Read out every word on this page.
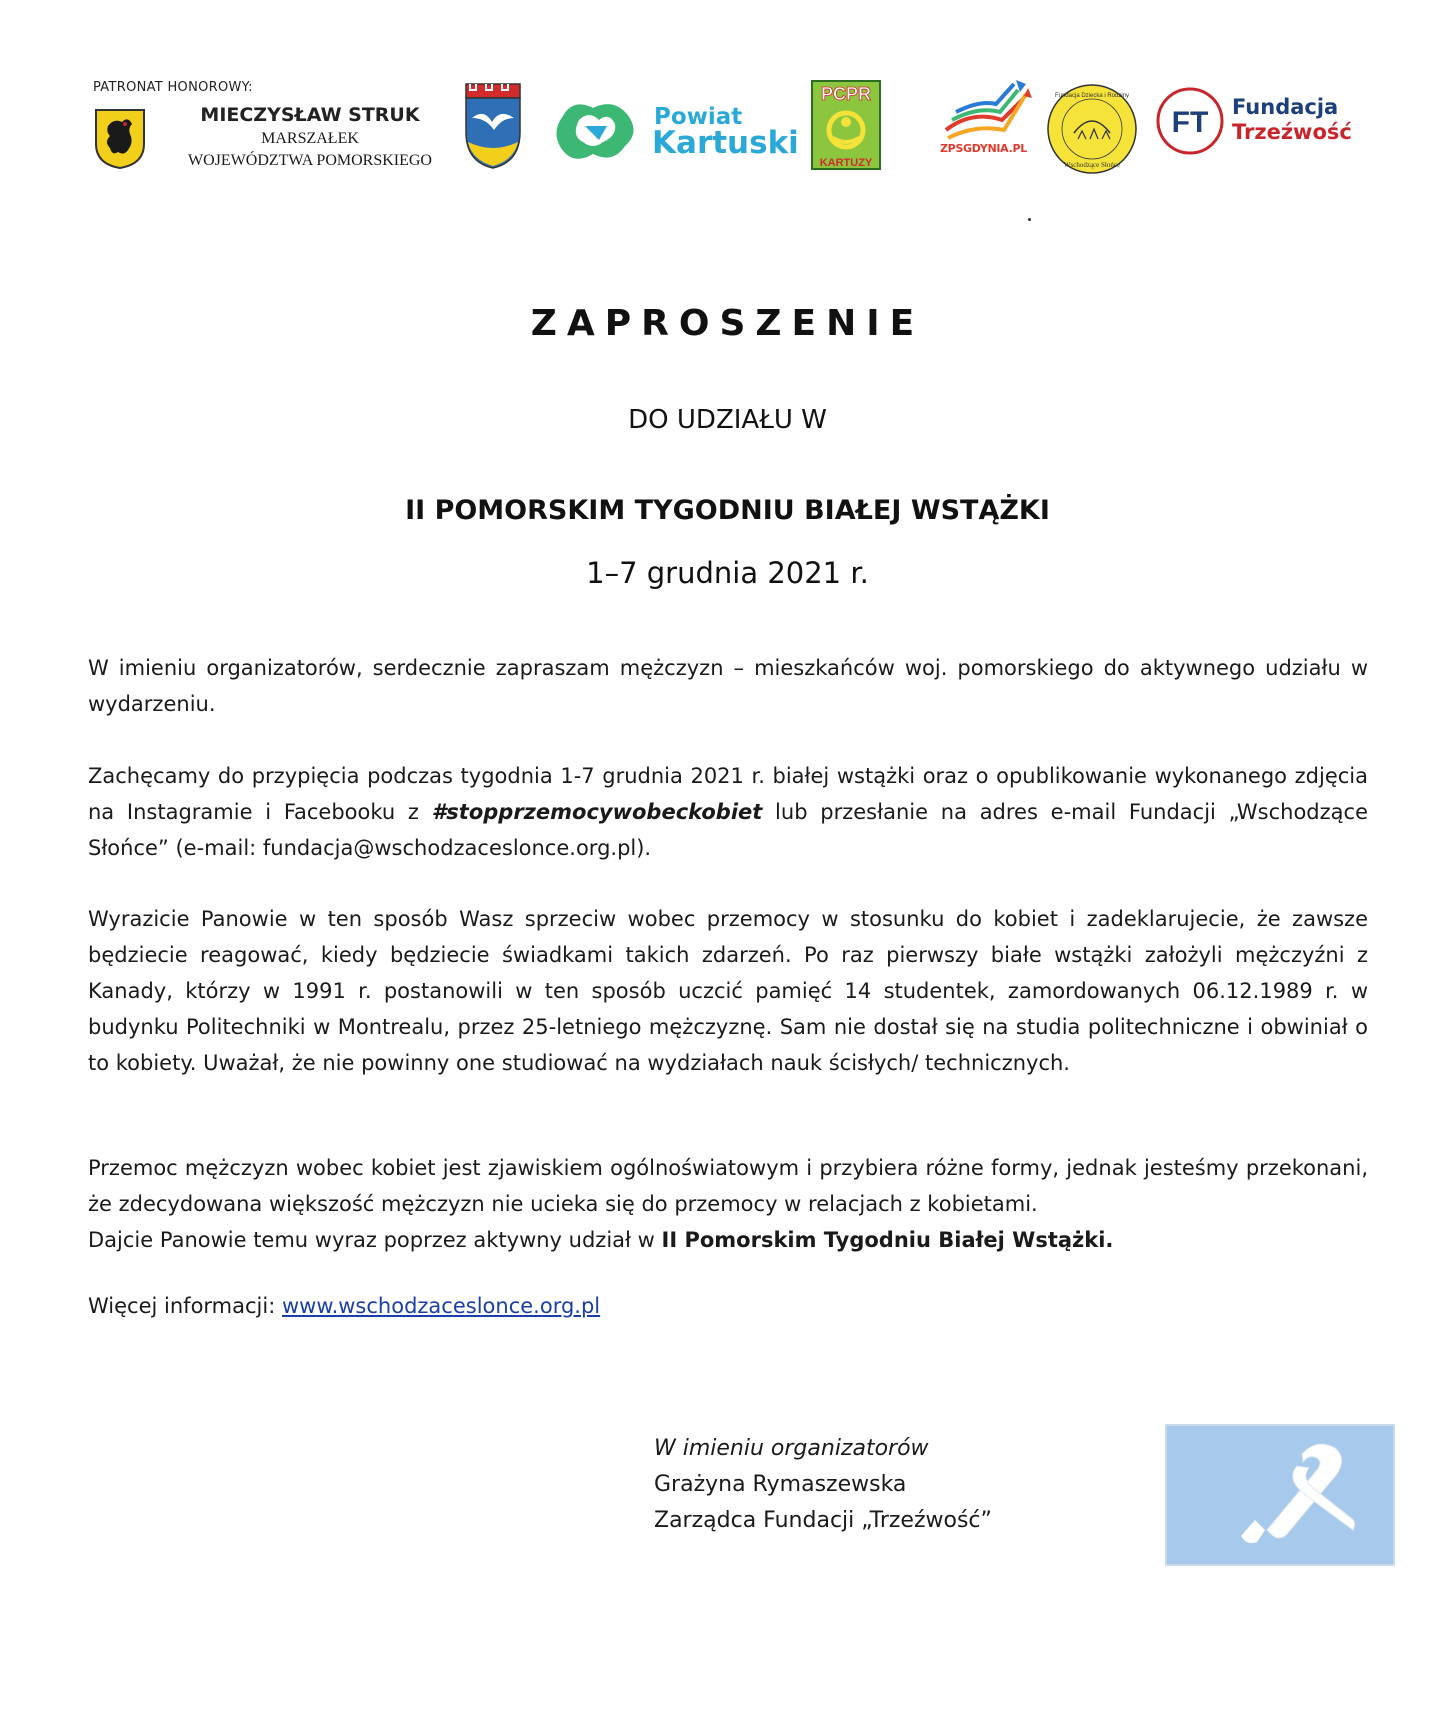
PATRONAT HONOROWY:
MIECZYSŁAW STRUK
MARSZAŁEK
WOJEWÓDZTWA POMORSKIEGO
Powiat
Kartuski
PCPR
KARTUZY
ZPSGDYNIA.PL
Fundacja Dziecka i Rodziny
Wschodzące Słońce
FT Fundacja
Trzeźwość
ZAPROSZENIE
DO UDZIAŁU W
II POMORSKIM TYGODNIU BIAŁEJ WSTĄŻKI
1–7 grudnia 2021 r.
W imieniu organizatorów, serdecznie zapraszam mężczyzn – mieszkańców woj. pomorskiego do aktywnego udziału w wydarzeniu.
Zachęcamy do przypięcia podczas tygodnia 1-7 grudnia 2021 r. białej wstążki oraz o opublikowanie wykonanego zdjęcia na Instagramie i Facebooku z #stopprzemocywobeckobiet lub przesłanie na adres e-mail Fundacji „Wschodzące Słońce” (e-mail: fundacja@wschodzaceslonce.org.pl).
Wyrazicie Panowie w ten sposób Wasz sprzeciw wobec przemocy w stosunku do kobiet i zadeklarujecie, że zawsze będziecie reagować, kiedy będziecie świadkami takich zdarzeń. Po raz pierwszy białe wstążki założyli mężczyźni z Kanady, którzy w 1991 r. postanowili w ten sposób uczcić pamięć 14 studentek, zamordowanych 06.12.1989 r. w budynku Politechniki w Montrealu, przez 25-letniego mężczyznę. Sam nie dostał się na studia politechniczne i obwiniał o to kobiety. Uważał, że nie powinny one studiować na wydziałach nauk ścisłych/ technicznych.
Przemoc mężczyzn wobec kobiet jest zjawiskiem ogólnoświatowym i przybiera różne formy, jednak jesteśmy przekonani, że zdecydowana większość mężczyzn nie ucieka się do przemocy w relacjach z kobietami.
Dajcie Panowie temu wyraz poprzez aktywny udział w II Pomorskim Tygodniu Białej Wstążki.
Więcej informacji: www.wschodzaceslonce.org.pl
W imieniu organizatorów
Grażyna Rymaszewska
Zarządca Fundacji „Trzeźwość”
